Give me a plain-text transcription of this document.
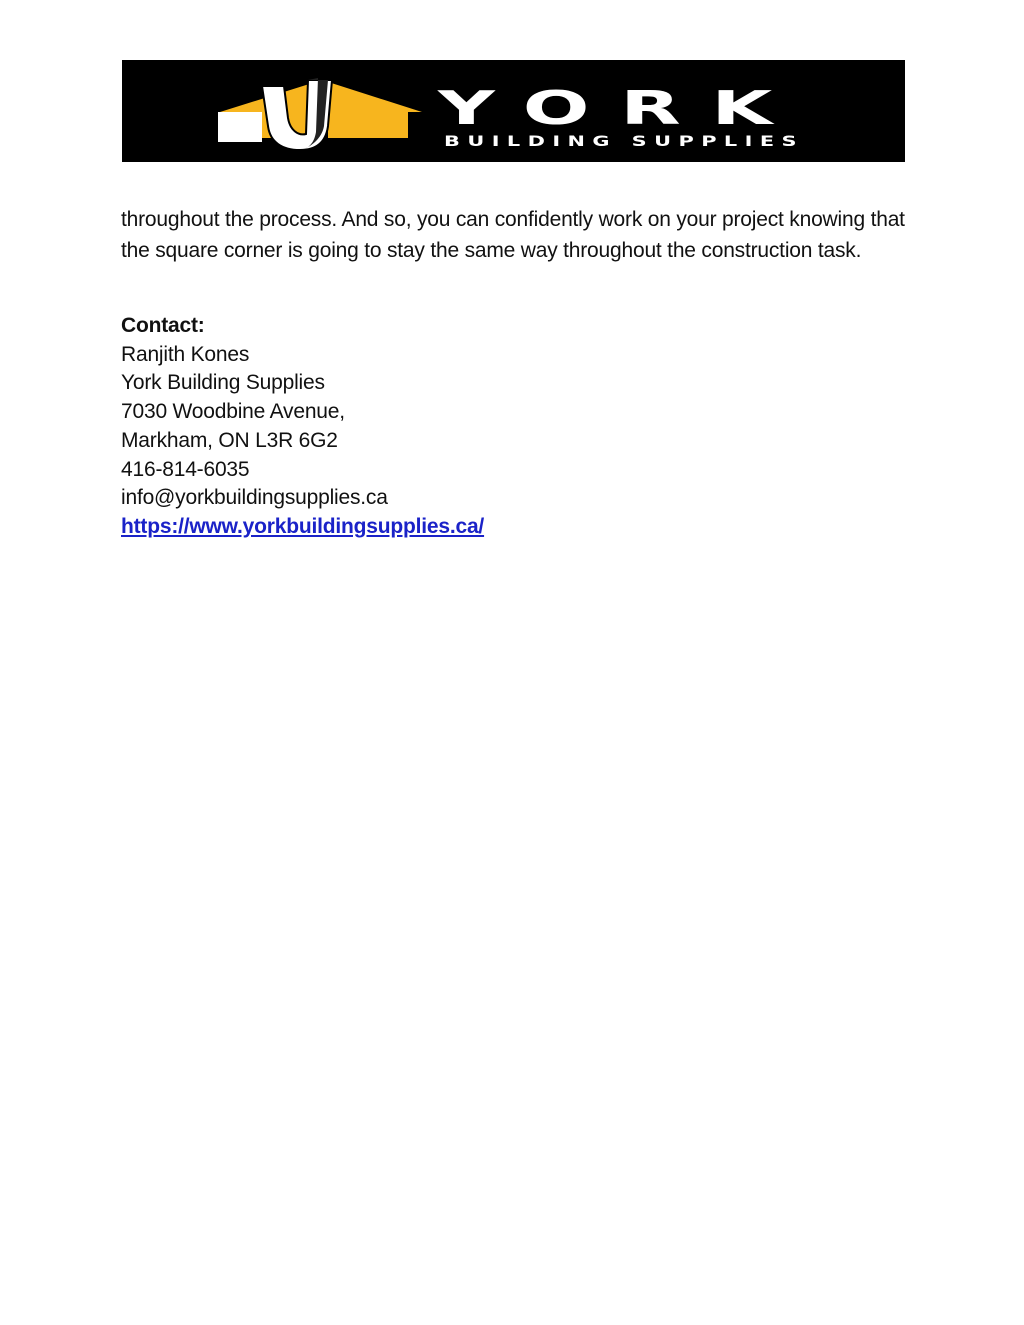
YORK
BUILDING SUPPLIES
throughout the process. And so, you can confidently work on your project knowing that the square corner is going to stay the same way throughout the construction task.
Contact:
Ranjith Kones
York Building Supplies
7030 Woodbine Avenue,
Markham, ON L3R 6G2
416-814-6035
info@yorkbuildingsupplies.ca
https://www.yorkbuildingsupplies.ca/
